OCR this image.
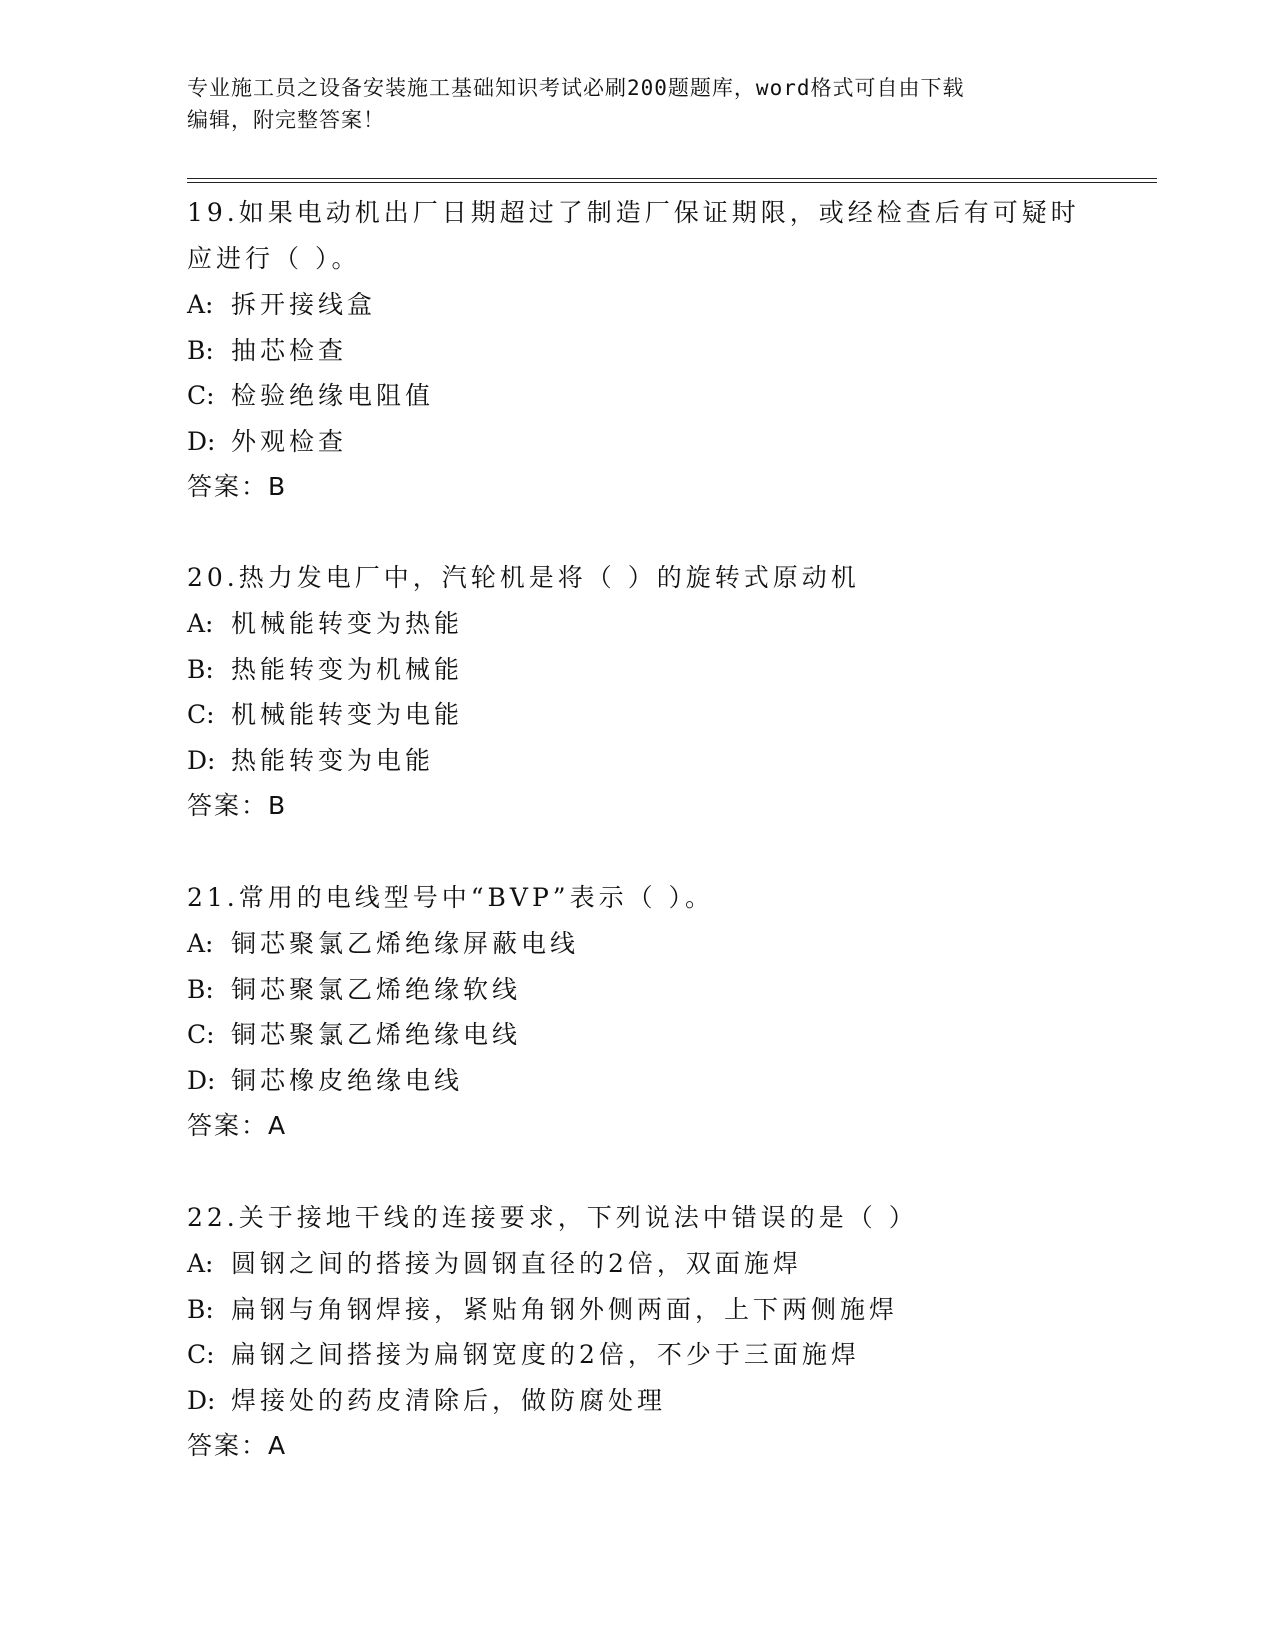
专业施工员之设备安装施工基础知识考试必刷200题题库，word格式可自由下载
编辑，附完整答案！

19.如果电动机出厂日期超过了制造厂保证期限，或经检查后有可疑时

应进行（ ）。

A: 拆开接线盒

B: 抽芯检查

C: 检验绝缘电阻值

D: 外观检查

答案：B

20.热力发电厂中，汽轮机是将（ ）的旋转式原动机

A: 机械能转变为热能

B: 热能转变为机械能

C: 机械能转变为电能

D: 热能转变为电能

答案：B

21.常用的电线型号中“BVP”表示（ ）。

A: 铜芯聚氯乙烯绝缘屏蔽电线

B: 铜芯聚氯乙烯绝缘软线

C: 铜芯聚氯乙烯绝缘电线

D: 铜芯橡皮绝缘电线

答案：A

22.关于接地干线的连接要求，下列说法中错误的是（ ）

A: 圆钢之间的搭接为圆钢直径的2倍，双面施焊

B: 扁钢与角钢焊接，紧贴角钢外侧两面，上下两侧施焊

C: 扁钢之间搭接为扁钢宽度的2倍，不少于三面施焊

D: 焊接处的药皮清除后，做防腐处理

答案：A
